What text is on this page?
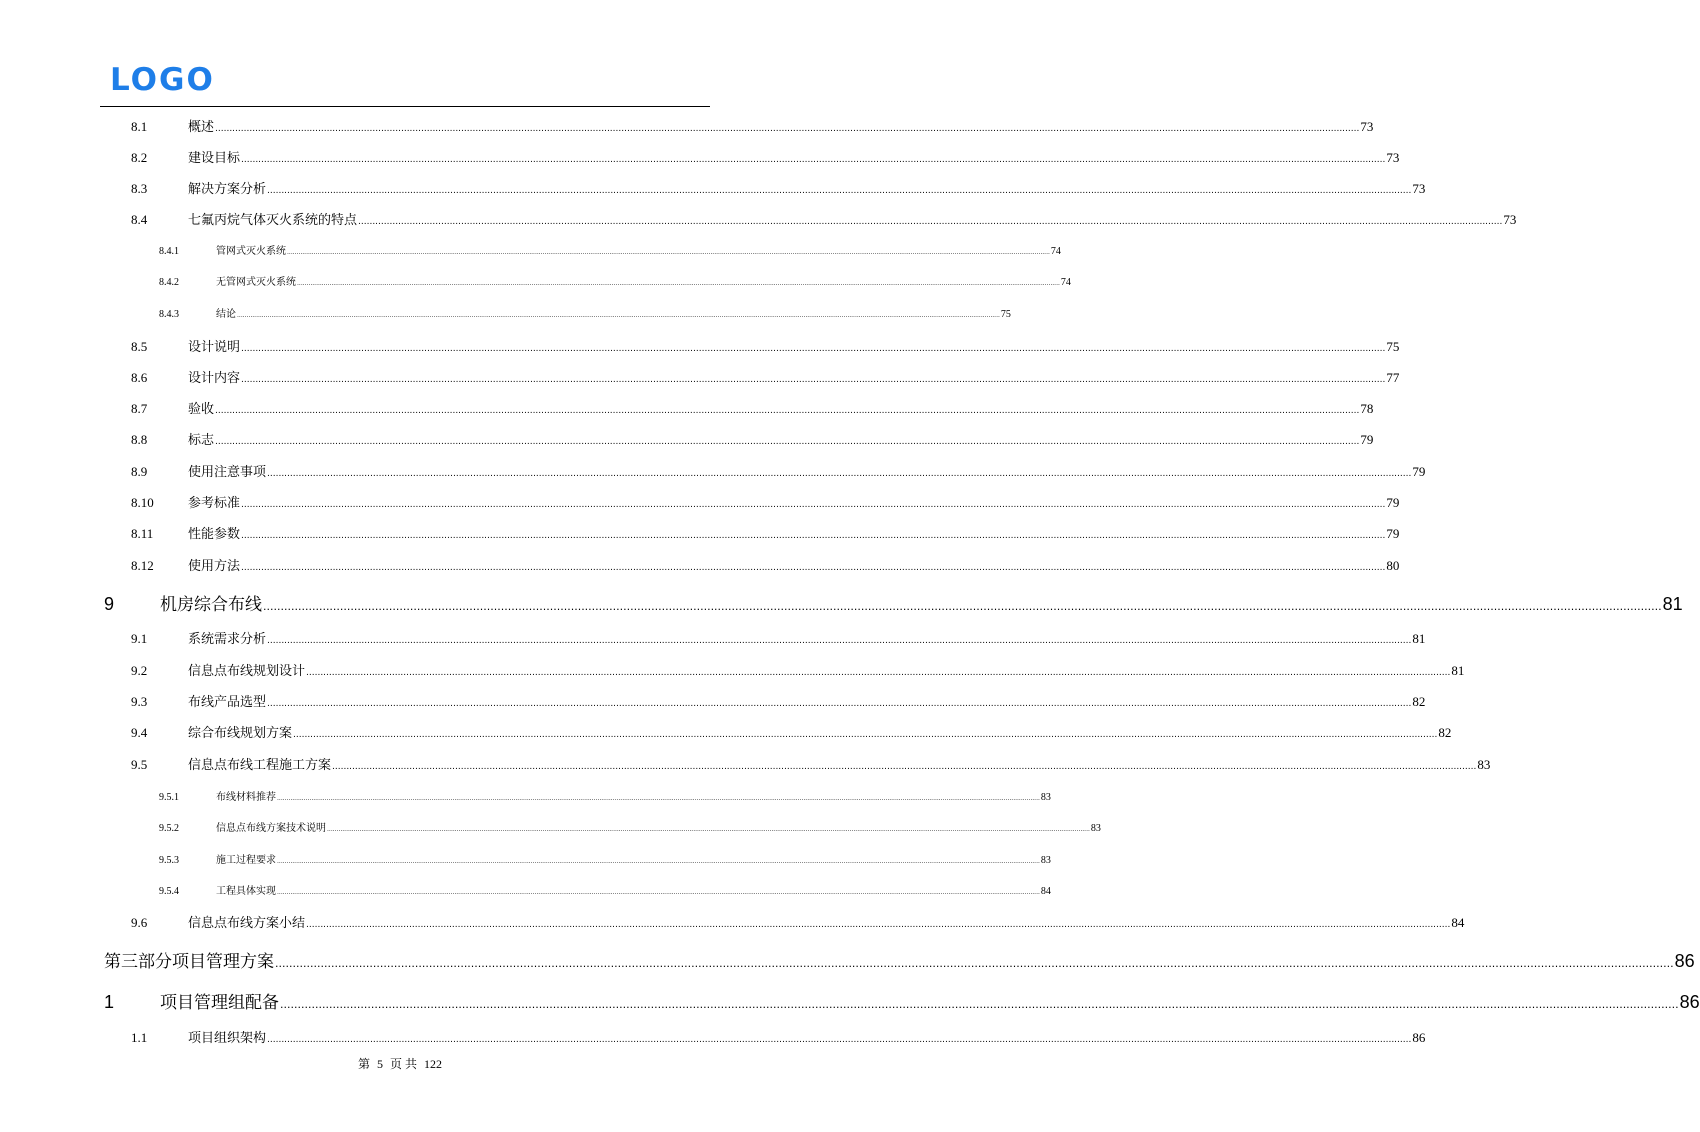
LOGO
8.1	概述 ................................................................................................................................................................................................................................................................................................................................................................................................................ 73
8.2	建设目标 ................................................................................................................................................................................................................................................................................................................................................................................................................ 73
8.3	解决方案分析 ................................................................................................................................................................................................................................................................................................................................................................................................................ 73
8.4	七氟丙烷气体灭火系统的特点 ................................................................................................................................................................................................................................................................................................................................................................................................................ 73
8.4.1	管网式灭火系统 ................................................................................................................................................................................................................................................................................................................................................................................................................ 74
8.4.2	无管网式灭火系统 ................................................................................................................................................................................................................................................................................................................................................................................................................ 74
8.4.3	结论 ................................................................................................................................................................................................................................................................................................................................................................................................................ 75
8.5	设计说明 ................................................................................................................................................................................................................................................................................................................................................................................................................ 75
8.6	设计内容 ................................................................................................................................................................................................................................................................................................................................................................................................................ 77
8.7	验收 ................................................................................................................................................................................................................................................................................................................................................................................................................ 78
8.8	标志 ................................................................................................................................................................................................................................................................................................................................................................................................................ 79
8.9	使用注意事项 ................................................................................................................................................................................................................................................................................................................................................................................................................ 79
8.10	参考标准 ................................................................................................................................................................................................................................................................................................................................................................................................................ 79
8.11	性能参数 ................................................................................................................................................................................................................................................................................................................................................................................................................ 79
8.12	使用方法 ................................................................................................................................................................................................................................................................................................................................................................................................................ 80
9	机房综合布线 ................................................................................................................................................................................................................................................................................................................................................................................................................ 81
9.1	系统需求分析 ................................................................................................................................................................................................................................................................................................................................................................................................................ 81
9.2	信息点布线规划设计 ................................................................................................................................................................................................................................................................................................................................................................................................................ 81
9.3	布线产品选型 ................................................................................................................................................................................................................................................................................................................................................................................................................ 82
9.4	综合布线规划方案 ................................................................................................................................................................................................................................................................................................................................................................................................................ 82
9.5	信息点布线工程施工方案 ................................................................................................................................................................................................................................................................................................................................................................................................................ 83
9.5.1	布线材料推荐 ................................................................................................................................................................................................................................................................................................................................................................................................................ 83
9.5.2	信息点布线方案技术说明 ................................................................................................................................................................................................................................................................................................................................................................................................................ 83
9.5.3	施工过程要求 ................................................................................................................................................................................................................................................................................................................................................................................................................ 83
9.5.4	工程具体实现 ................................................................................................................................................................................................................................................................................................................................................................................................................ 84
9.6	信息点布线方案小结 ................................................................................................................................................................................................................................................................................................................................................................................................................ 84
第三部分项目管理方案 ................................................................................................................................................................................................................................................................................................................................................................................................................ 86
1	项目管理组配备 ................................................................................................................................................................................................................................................................................................................................................................................................................ 86
1.1	项目组织架构 ................................................................................................................................................................................................................................................................................................................................................................................................................ 86
第 5 页 共 122
